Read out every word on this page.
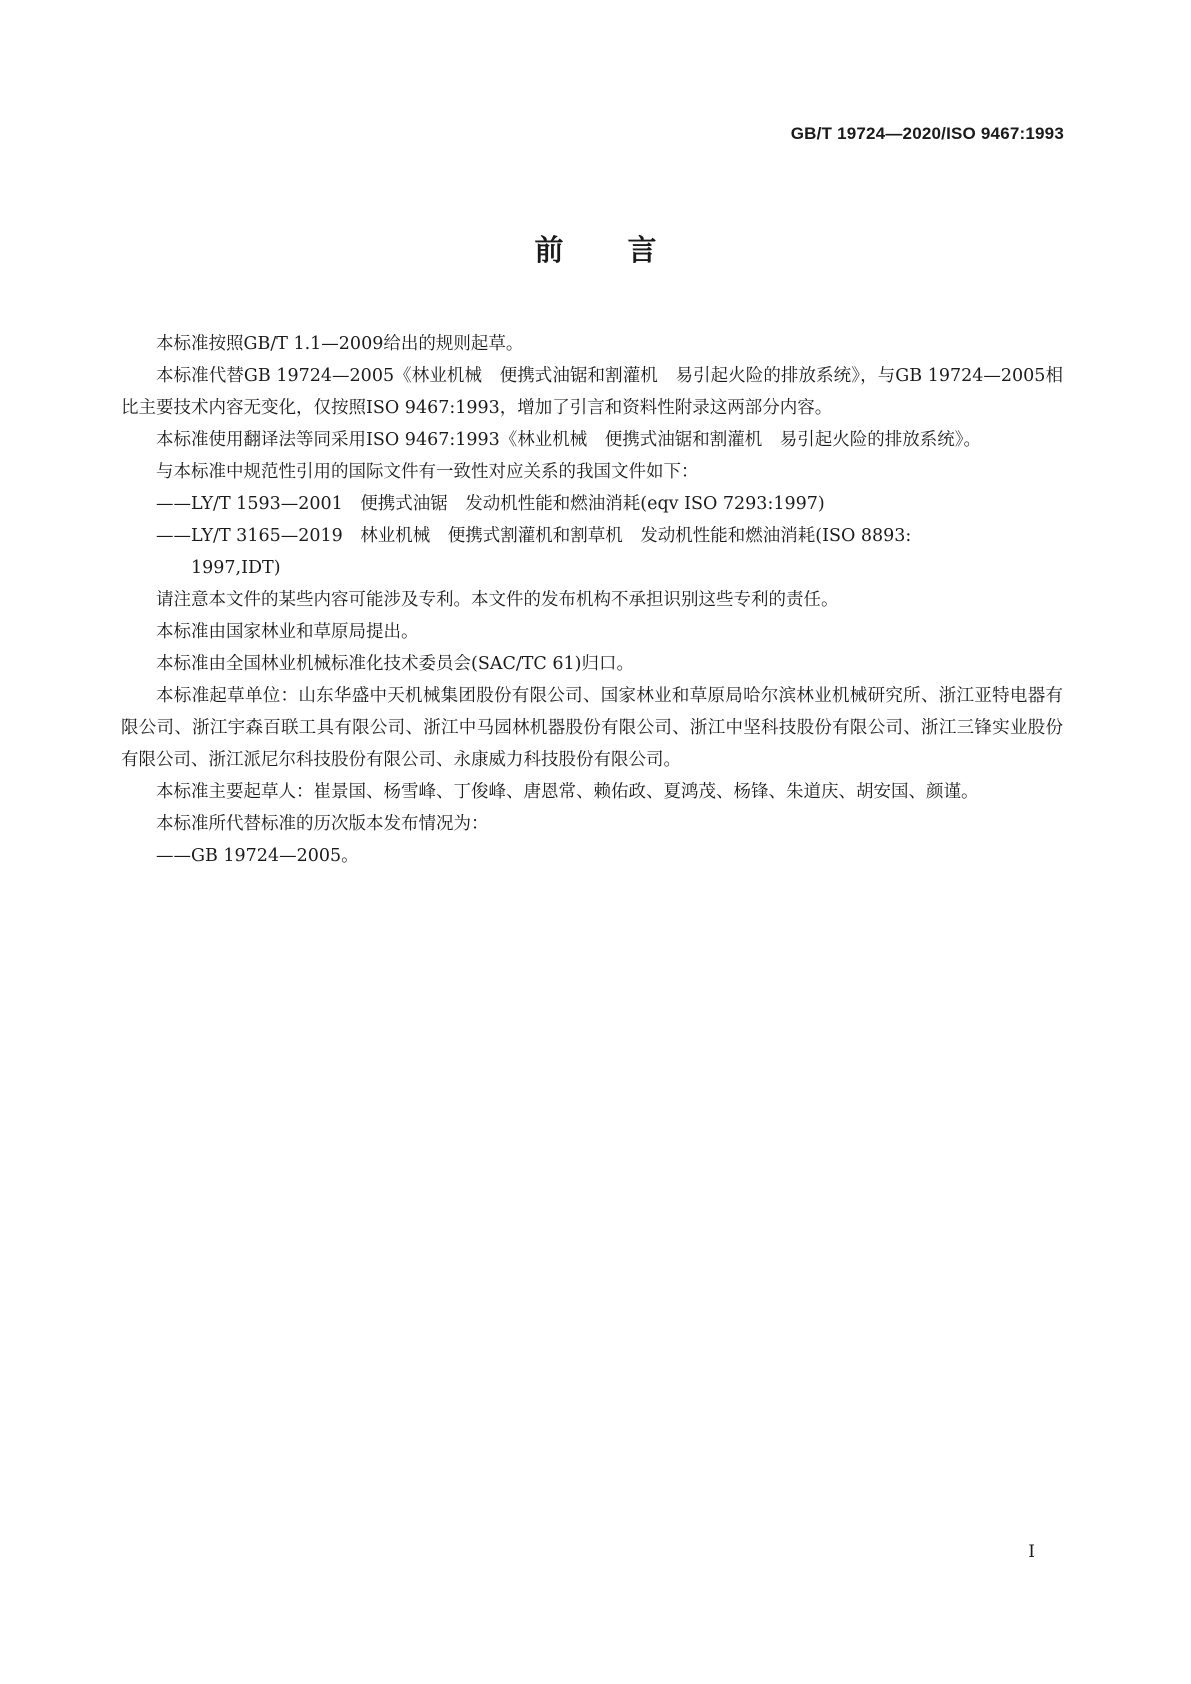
GB/T 19724—2020/ISO 9467:1993
前 言

本标准按照GB/T 1.1—2009给出的规则起草。

本标准代替GB 19724—2005《林业机械　便携式油锯和割灌机　易引起火险的排放系统》，与GB 19724—2005相比主要技术内容无变化，仅按照ISO 9467:1993，增加了引言和资料性附录这两部分内容。

本标准使用翻译法等同采用ISO 9467:1993《林业机械　便携式油锯和割灌机　易引起火险的排放系统》。

与本标准中规范性引用的国际文件有一致性对应关系的我国文件如下：

——LY/T 1593—2001　便携式油锯　发动机性能和燃油消耗(eqv ISO 7293:1997)
——LY/T 3165—2019　林业机械　便携式割灌机和割草机　发动机性能和燃油消耗(ISO 8893:
1997,IDT)

请注意本文件的某些内容可能涉及专利。本文件的发布机构不承担识别这些专利的责任。

本标准由国家林业和草原局提出。

本标准由全国林业机械标准化技术委员会(SAC/TC 61)归口。

本标准起草单位：山东华盛中天机械集团股份有限公司、国家林业和草原局哈尔滨林业机械研究所、浙江亚特电器有限公司、浙江宇森百联工具有限公司、浙江中马园林机器股份有限公司、浙江中坚科技股份有限公司、浙江三锋实业股份有限公司、浙江派尼尔科技股份有限公司、永康威力科技股份有限公司。

本标准主要起草人：崔景国、杨雪峰、丁俊峰、唐恩常、赖佑政、夏鸿茂、杨锋、朱道庆、胡安国、颜谨。

本标准所代替标准的历次版本发布情况为：

——GB 19724—2005。
I
